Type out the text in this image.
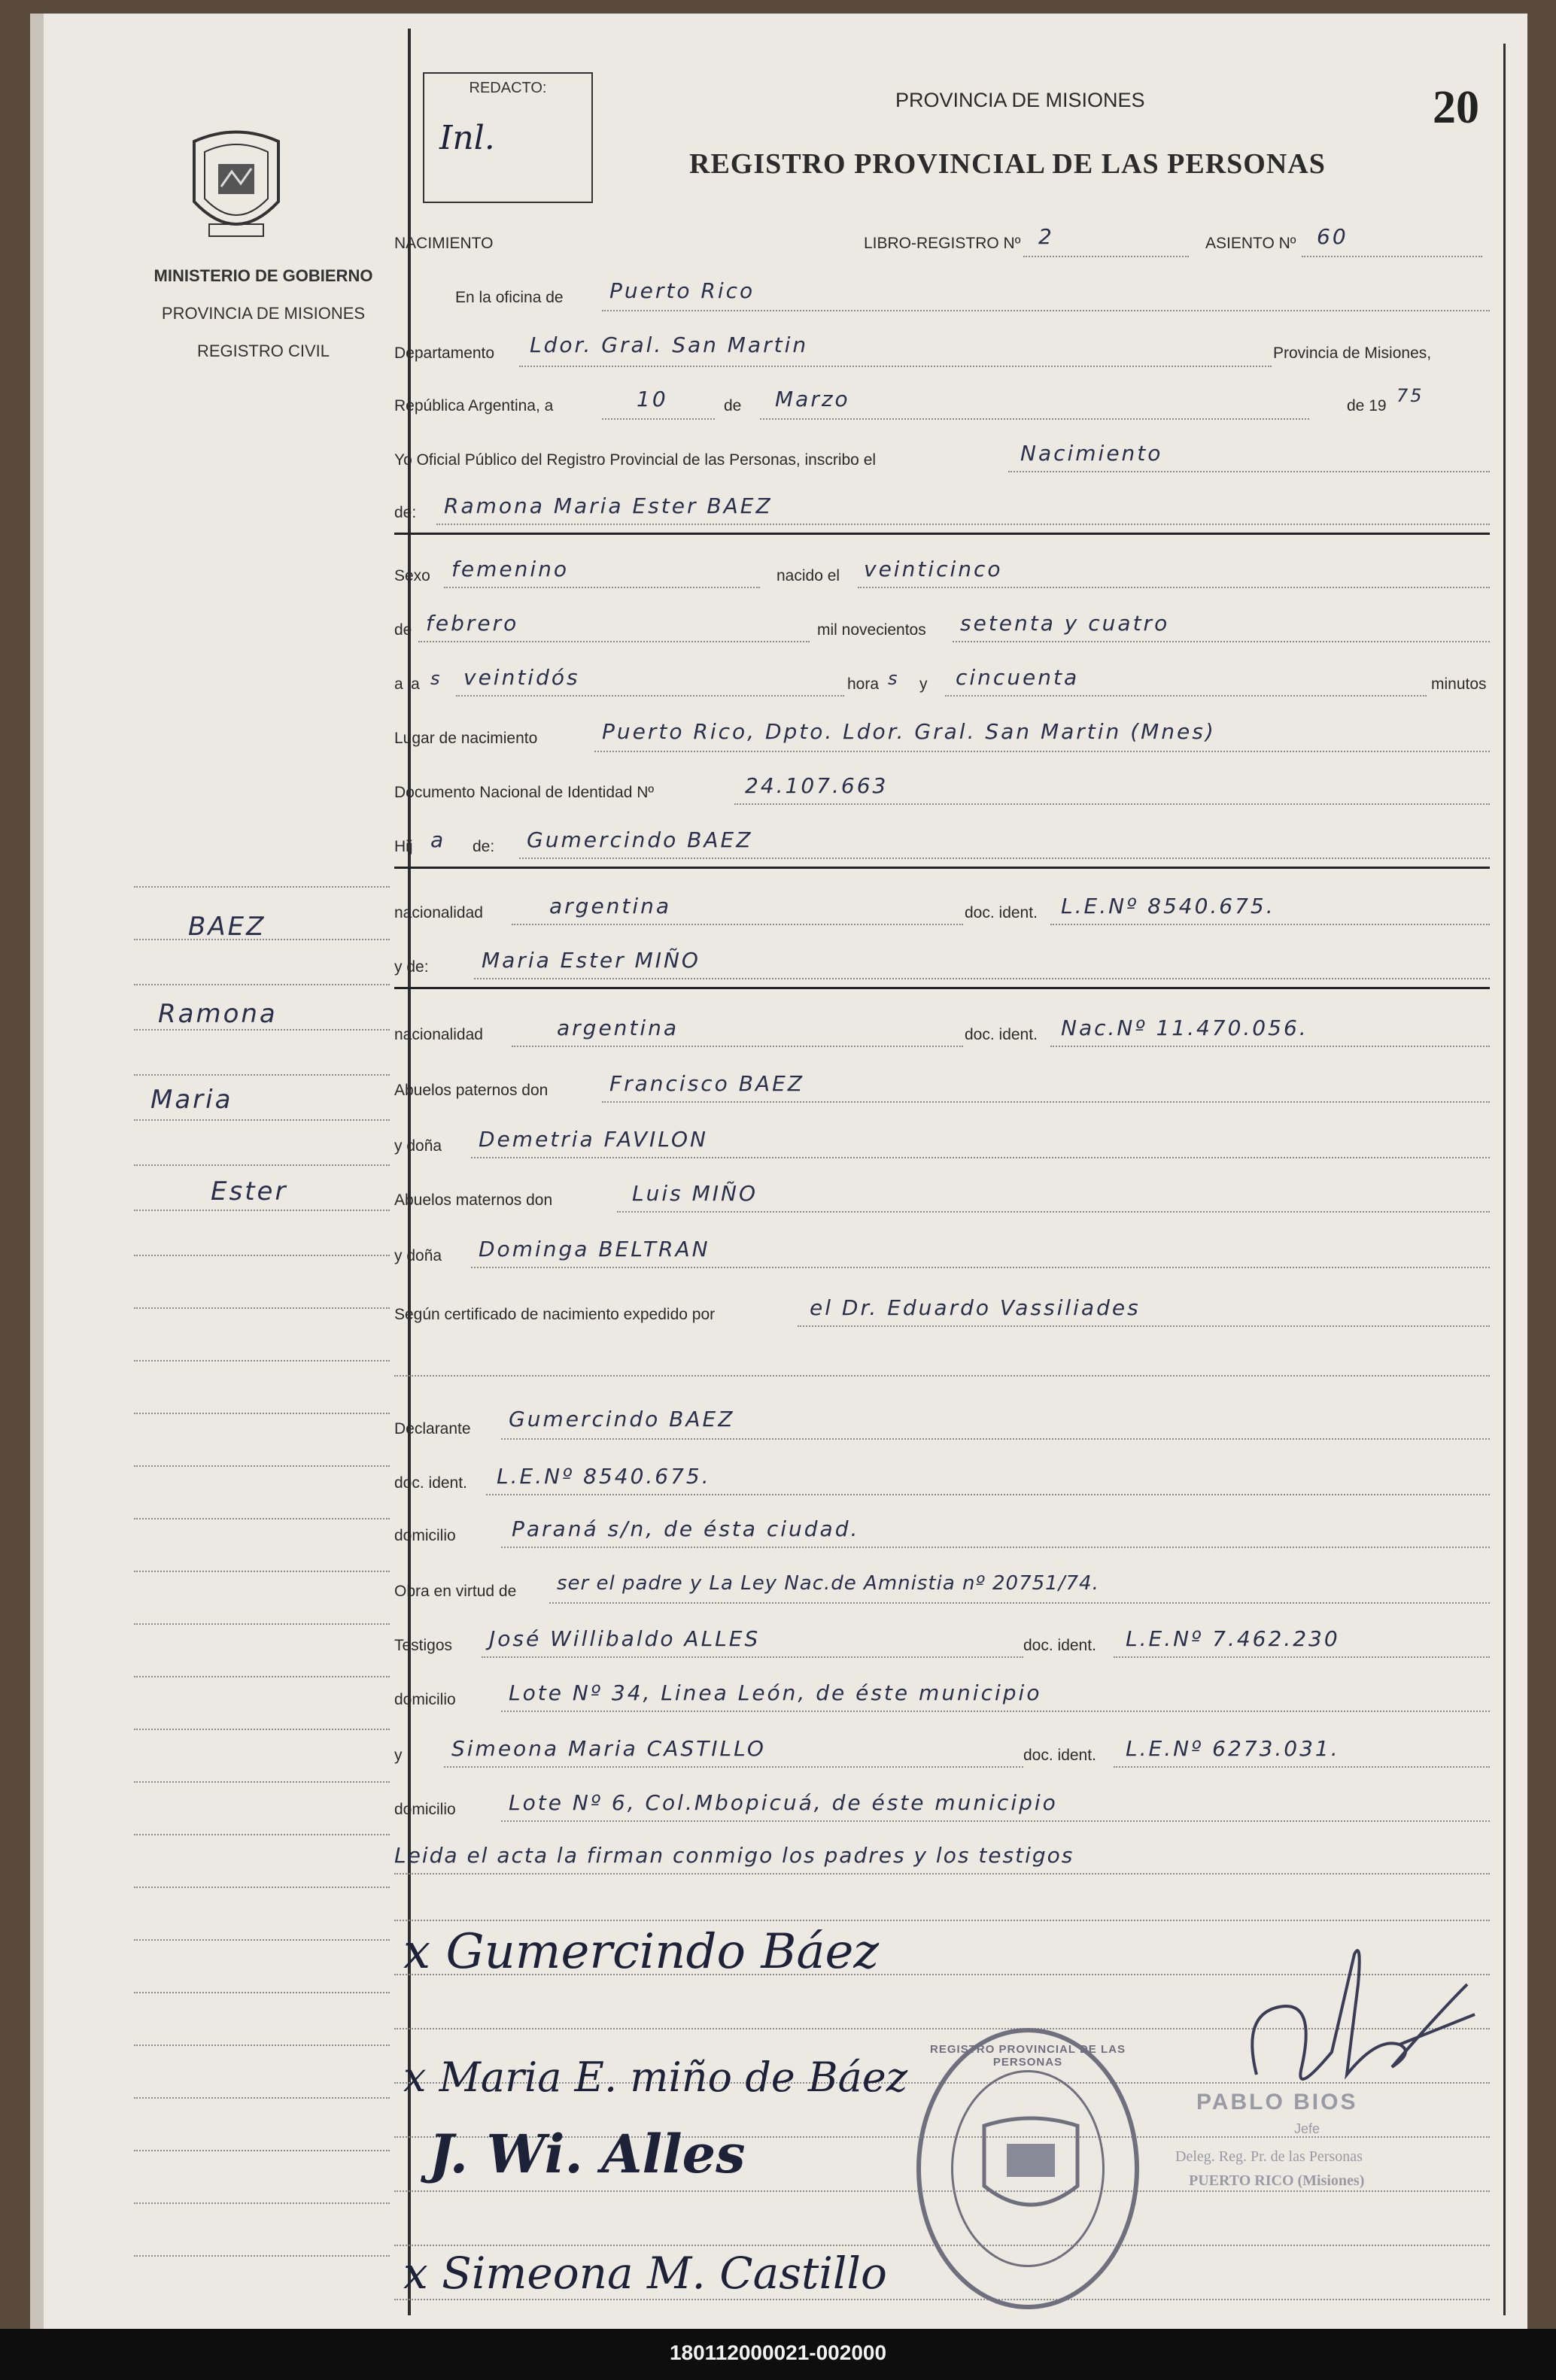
MINISTERIO DE GOBIERNO
PROVINCIA DE MISIONES
REGISTRO CIVIL
BAEZ
Ramona
Maria
Ester
REDACTO:
Inl.
PROVINCIA DE MISIONES
REGISTRO PROVINCIAL DE LAS PERSONAS
20
NACIMIENTO	LIBRO-REGISTRO Nº 2	ASIENTO Nº 60
En la oficina de Puerto Rico
Departamento Ldor. Gral. San Martin	Provincia de Misiones,
República Argentina, a	10	de Marzo	de 19 75
Yo Oficial Público del Registro Provincial de las Personas, inscribo el	Nacimiento
de: Ramona Maria Ester BAEZ
Sexo femenino	nacido el veinticinco
de febrero	mil novecientos setenta y cuatro
a la s veintidós	hora s y cincuenta	minutos
Lugar de nacimiento	Puerto Rico, Dpto. Ldor. Gral. San Martin (Mnes)
Documento Nacional de Identidad Nº	24.107.663
Hij a de: Gumercindo BAEZ
nacionalidad	argentina	doc. ident. L.E.Nº 8540.675.
y de:	Maria Ester MIÑO
nacionalidad	argentina	doc. ident. Nac.Nº 11.470.056.
Abuelos paternos don	Francisco BAEZ
y doña Demetria FAVILON
Abuelos maternos don	Luis MIÑO
y doña Dominga BELTRAN
Según certificado de nacimiento expedido por	el Dr. Eduardo Vassiliades
Declarante Gumercindo BAEZ
doc. ident. L.E.Nº 8540.675.
domicilio	Paraná s/n, de ésta ciudad.
Obra en virtud de ser el padre y La Ley Nac.de Amnistia nº 20751/74.
Testigos José Willibaldo ALLES	doc. ident. L.E.Nº 7.462.230
domicilio	Lote Nº 34, Linea León, de éste municipio
y Simeona Maria CASTILLO	doc. ident. L.E.Nº 6273.031.
domicilio	Lote Nº 6, Col.Mbopicuá, de éste municipio
Leida el acta la firman conmigo los padres y los testigos
x Gumercindo Báez
x Maria E. miño de Báez
J. Wi. Alles
x Simeona M. Castillo
REGISTRO PROVINCIAL DE LAS PERSONAS
PABLO BIOS
Jefe
Deleg. Reg. Pr. de las Personas
PUERTO RICO (Misiones)
180112000021-002000
